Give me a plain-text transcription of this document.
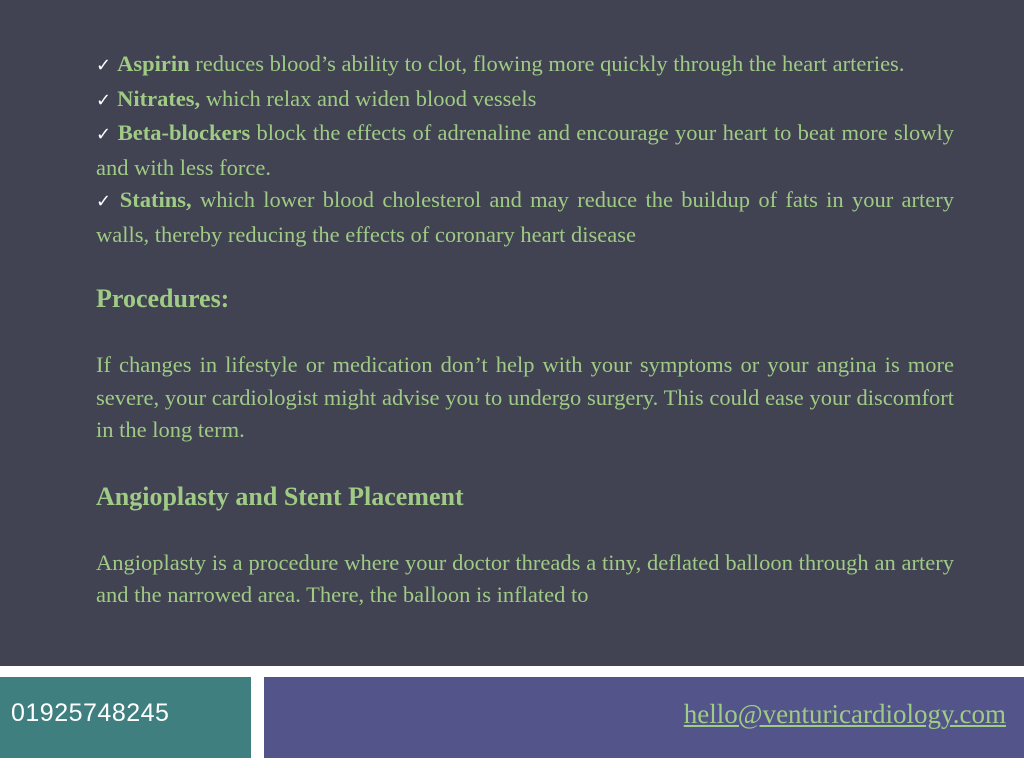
✓ Aspirin reduces blood’s ability to clot, flowing more quickly through the heart arteries.

✓ Nitrates, which relax and widen blood vessels

✓ Beta-blockers block the effects of adrenaline and encourage your heart to beat more slowly and with less force.

✓ Statins, which lower blood cholesterol and may reduce the buildup of fats in your artery walls, thereby reducing the effects of coronary heart disease

Procedures:

If changes in lifestyle or medication don’t help with your symptoms or your angina is more severe, your cardiologist might advise you to undergo surgery. This could ease your discomfort in the long term.

Angioplasty and Stent Placement

Angioplasty is a procedure where your doctor threads a tiny, deflated balloon through an artery and the narrowed area. There, the balloon is inflated to

01925748245	hello@venturicardiology.com
